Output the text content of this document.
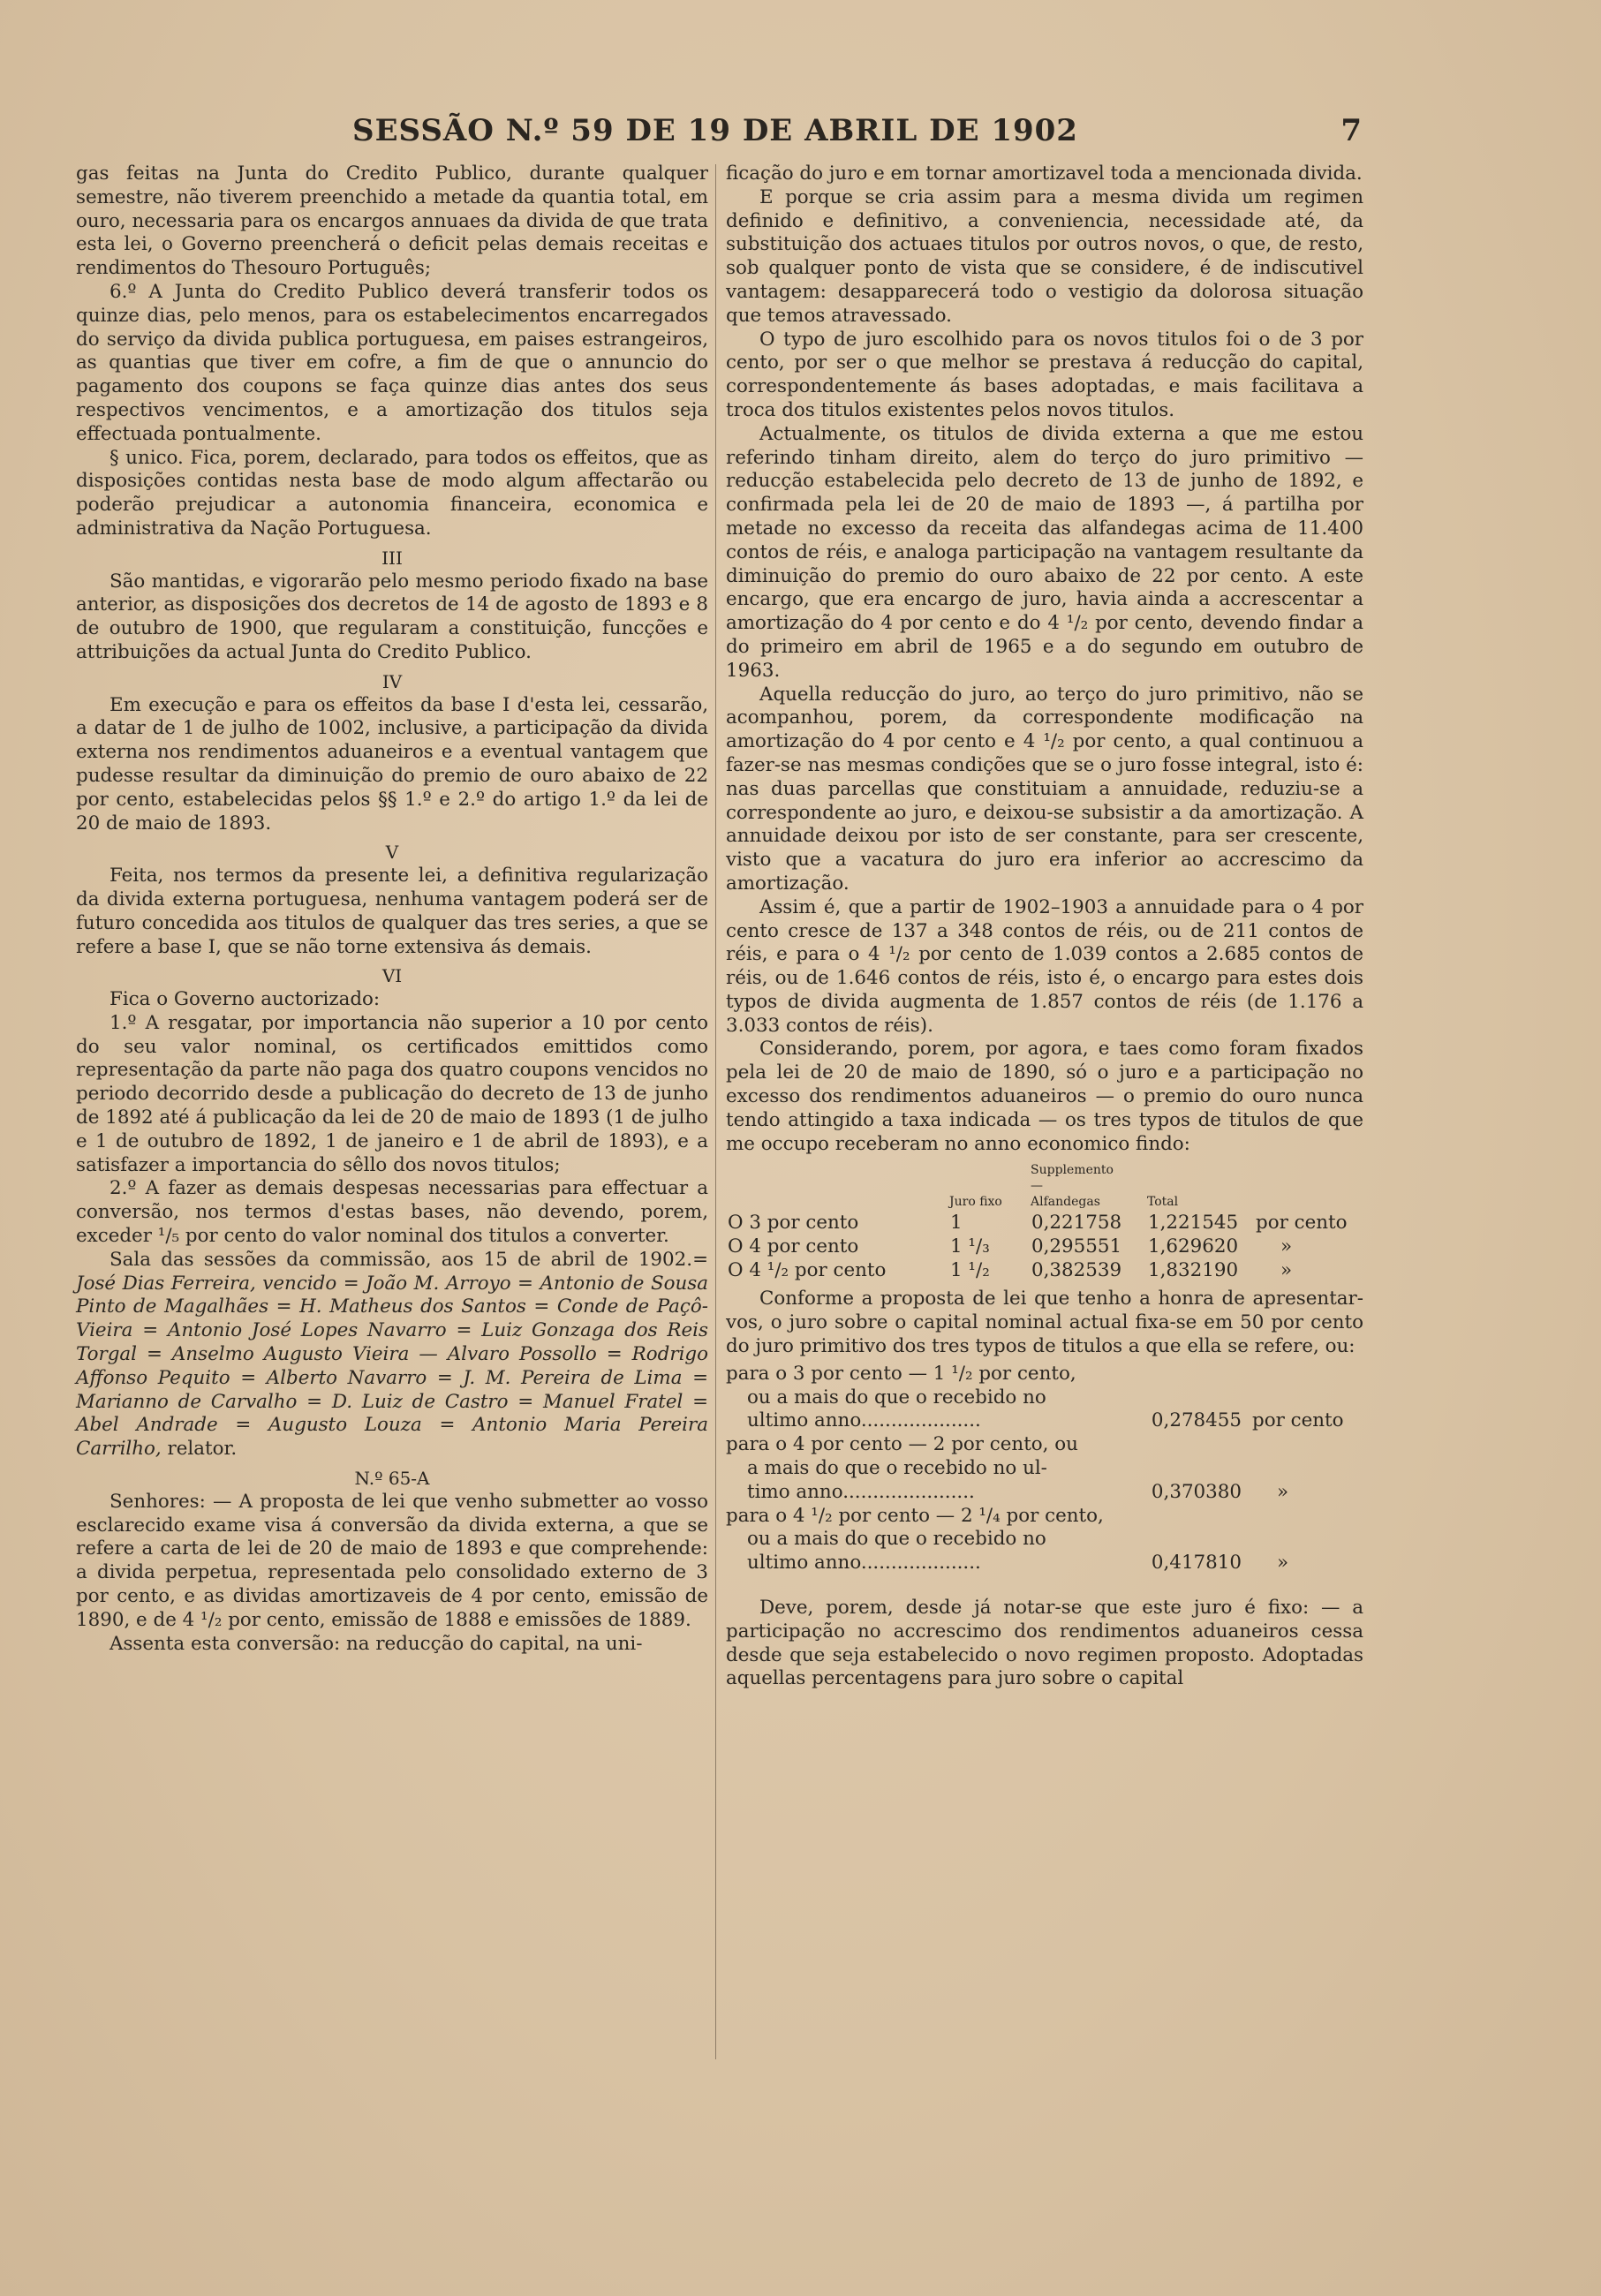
SESSÃO N.º 59 DE 19 DE ABRIL DE 1902	7

gas feitas na Junta do Credito Publico, durante qualquer semestre, não tiverem preenchido a metade da quantia total, em ouro, necessaria para os encargos annuaes da divida de que trata esta lei, o Governo preencherá o deficit pelas demais receitas e rendimentos do Thesouro Português;

6.º A Junta do Credito Publico deverá transferir todos os quinze dias, pelo menos, para os estabelecimentos encarregados do serviço da divida publica portuguesa, em paises estrangeiros, as quantias que tiver em cofre, a fim de que o annuncio do pagamento dos coupons se faça quinze dias antes dos seus respectivos vencimentos, e a amortização dos titulos seja effectuada pontualmente.

§ unico. Fica, porem, declarado, para todos os effeitos, que as disposições contidas nesta base de modo algum affectarão ou poderão prejudicar a autonomia financeira, economica e administrativa da Nação Portuguesa.

III

São mantidas, e vigorarão pelo mesmo periodo fixado na base anterior, as disposições dos decretos de 14 de agosto de 1893 e 8 de outubro de 1900, que regularam a constituição, funcções e attribuições da actual Junta do Credito Publico.

IV

Em execução e para os effeitos da base I d'esta lei, cessarão, a datar de 1 de julho de 1002, inclusive, a participação da divida externa nos rendimentos aduaneiros e a eventual vantagem que pudesse resultar da diminuição do premio de ouro abaixo de 22 por cento, estabelecidas pelos §§ 1.º e 2.º do artigo 1.º da lei de 20 de maio de 1893.

V

Feita, nos termos da presente lei, a definitiva regularização da divida externa portuguesa, nenhuma vantagem poderá ser de futuro concedida aos titulos de qualquer das tres series, a que se refere a base I, que se não torne extensiva ás demais.

VI

Fica o Governo auctorizado:

1.º A resgatar, por importancia não superior a 10 por cento do seu valor nominal, os certificados emittidos como representação da parte não paga dos quatro coupons vencidos no periodo decorrido desde a publicação do decreto de 13 de junho de 1892 até á publicação da lei de 20 de maio de 1893 (1 de julho e 1 de outubro de 1892, 1 de janeiro e 1 de abril de 1893), e a satisfazer a importancia do sêllo dos novos titulos;

2.º A fazer as demais despesas necessarias para effectuar a conversão, nos termos d'estas bases, não devendo, porem, exceder ¹/₅ por cento do valor nominal dos titulos a converter.

Sala das sessões da commissão, aos 15 de abril de 1902.= José Dias Ferreira, vencido = João M. Arroyo = Antonio de Sousa Pinto de Magalhães = H. Matheus dos Santos = Conde de Paçô-Vieira = Antonio José Lopes Navarro = Luiz Gonzaga dos Reis Torgal = Anselmo Augusto Vieira — Alvaro Possollo = Rodrigo Affonso Pequito = Alberto Navarro = J. M. Pereira de Lima = Marianno de Carvalho = D. Luiz de Castro = Manuel Fratel = Abel Andrade = Augusto Louza = Antonio Maria Pereira Carrilho, relator.

N.º 65-A

Senhores: — A proposta de lei que venho submetter ao vosso esclarecido exame visa á conversão da divida externa, a que se refere a carta de lei de 20 de maio de 1893 e que comprehende: a divida perpetua, representada pelo consolidado externo de 3 por cento, e as dividas amortizaveis de 4 por cento, emissão de 1890, e de 4 ¹/₂ por cento, emissão de 1888 e emissões de 1889.

Assenta esta conversão: na reducção do capital, na uni-

ficação do juro e em tornar amortizavel toda a mencionada divida.

E porque se cria assim para a mesma divida um regimen definido e definitivo, a conveniencia, necessidade até, da substituição dos actuaes titulos por outros novos, o que, de resto, sob qualquer ponto de vista que se considere, é de indiscutivel vantagem: desapparecerá todo o vestigio da dolorosa situação que temos atravessado.

O typo de juro escolhido para os novos titulos foi o de 3 por cento, por ser o que melhor se prestava á reducção do capital, correspondentemente ás bases adoptadas, e mais facilitava a troca dos titulos existentes pelos novos titulos.

Actualmente, os titulos de divida externa a que me estou referindo tinham direito, alem do terço do juro primitivo — reducção estabelecida pelo decreto de 13 de junho de 1892, e confirmada pela lei de 20 de maio de 1893 —, á partilha por metade no excesso da receita das alfandegas acima de 11.400 contos de réis, e analoga participação na vantagem resultante da diminuição do premio do ouro abaixo de 22 por cento. A este encargo, que era encargo de juro, havia ainda a accrescentar a amortização do 4 por cento e do 4 ¹/₂ por cento, devendo findar a do primeiro em abril de 1965 e a do segundo em outubro de 1963.

Aquella reducção do juro, ao terço do juro primitivo, não se acompanhou, porem, da correspondente modificação na amortização do 4 por cento e 4 ¹/₂ por cento, a qual continuou a fazer-se nas mesmas condições que se o juro fosse integral, isto é: nas duas parcellas que constituiam a annuidade, reduziu-se a correspondente ao juro, e deixou-se subsistir a da amortização. A annuidade deixou por isto de ser constante, para ser crescente, visto que a vacatura do juro era inferior ao accrescimo da amortização.

Assim é, que a partir de 1902–1903 a annuidade para o 4 por cento cresce de 137 a 348 contos de réis, ou de 211 contos de réis, e para o 4 ¹/₂ por cento de 1.039 contos a 2.685 contos de réis, ou de 1.646 contos de réis, isto é, o encargo para estes dois typos de divida augmenta de 1.857 contos de réis (de 1.176 a 3.033 contos de réis).

Considerando, porem, por agora, e taes como foram fixados pela lei de 20 de maio de 1890, só o juro e a participação no excesso dos rendimentos aduaneiros — o premio do ouro nunca tendo attingido a taxa indicada — os tres typos de titulos de que me occupo receberam no anno economico findo:

	Juro fixo	Supplemento
—
Alfandegas	Total	
O 3 por cento	1	0,221758	1,221545	por cento
O 4 por cento	1 ¹/₃	0,295551	1,629620	»
O 4 ¹/₂ por cento	1 ¹/₂	0,382539	1,832190	»

Conforme a proposta de lei que tenho a honra de apresentar-vos, o juro sobre o capital nominal actual fixa-se em 50 por cento do juro primitivo dos tres typos de titulos a que ella se refere, ou:

para o 3 por cento — 1 ¹/₂ por cento,
ou a mais do que o recebido no
ultimo anno....................	0,278455 por cento
para o 4 por cento — 2 por cento, ou
a mais do que o recebido no ul-
timo anno......................	0,370380	»
para o 4 ¹/₂ por cento — 2 ¹/₄ por cento,
ou a mais do que o recebido no
ultimo anno....................	0,417810	»

Deve, porem, desde já notar-se que este juro é fixo: — a participação no accrescimo dos rendimentos aduaneiros cessa desde que seja estabelecido o novo regimen proposto. Adoptadas aquellas percentagens para juro sobre o capital
